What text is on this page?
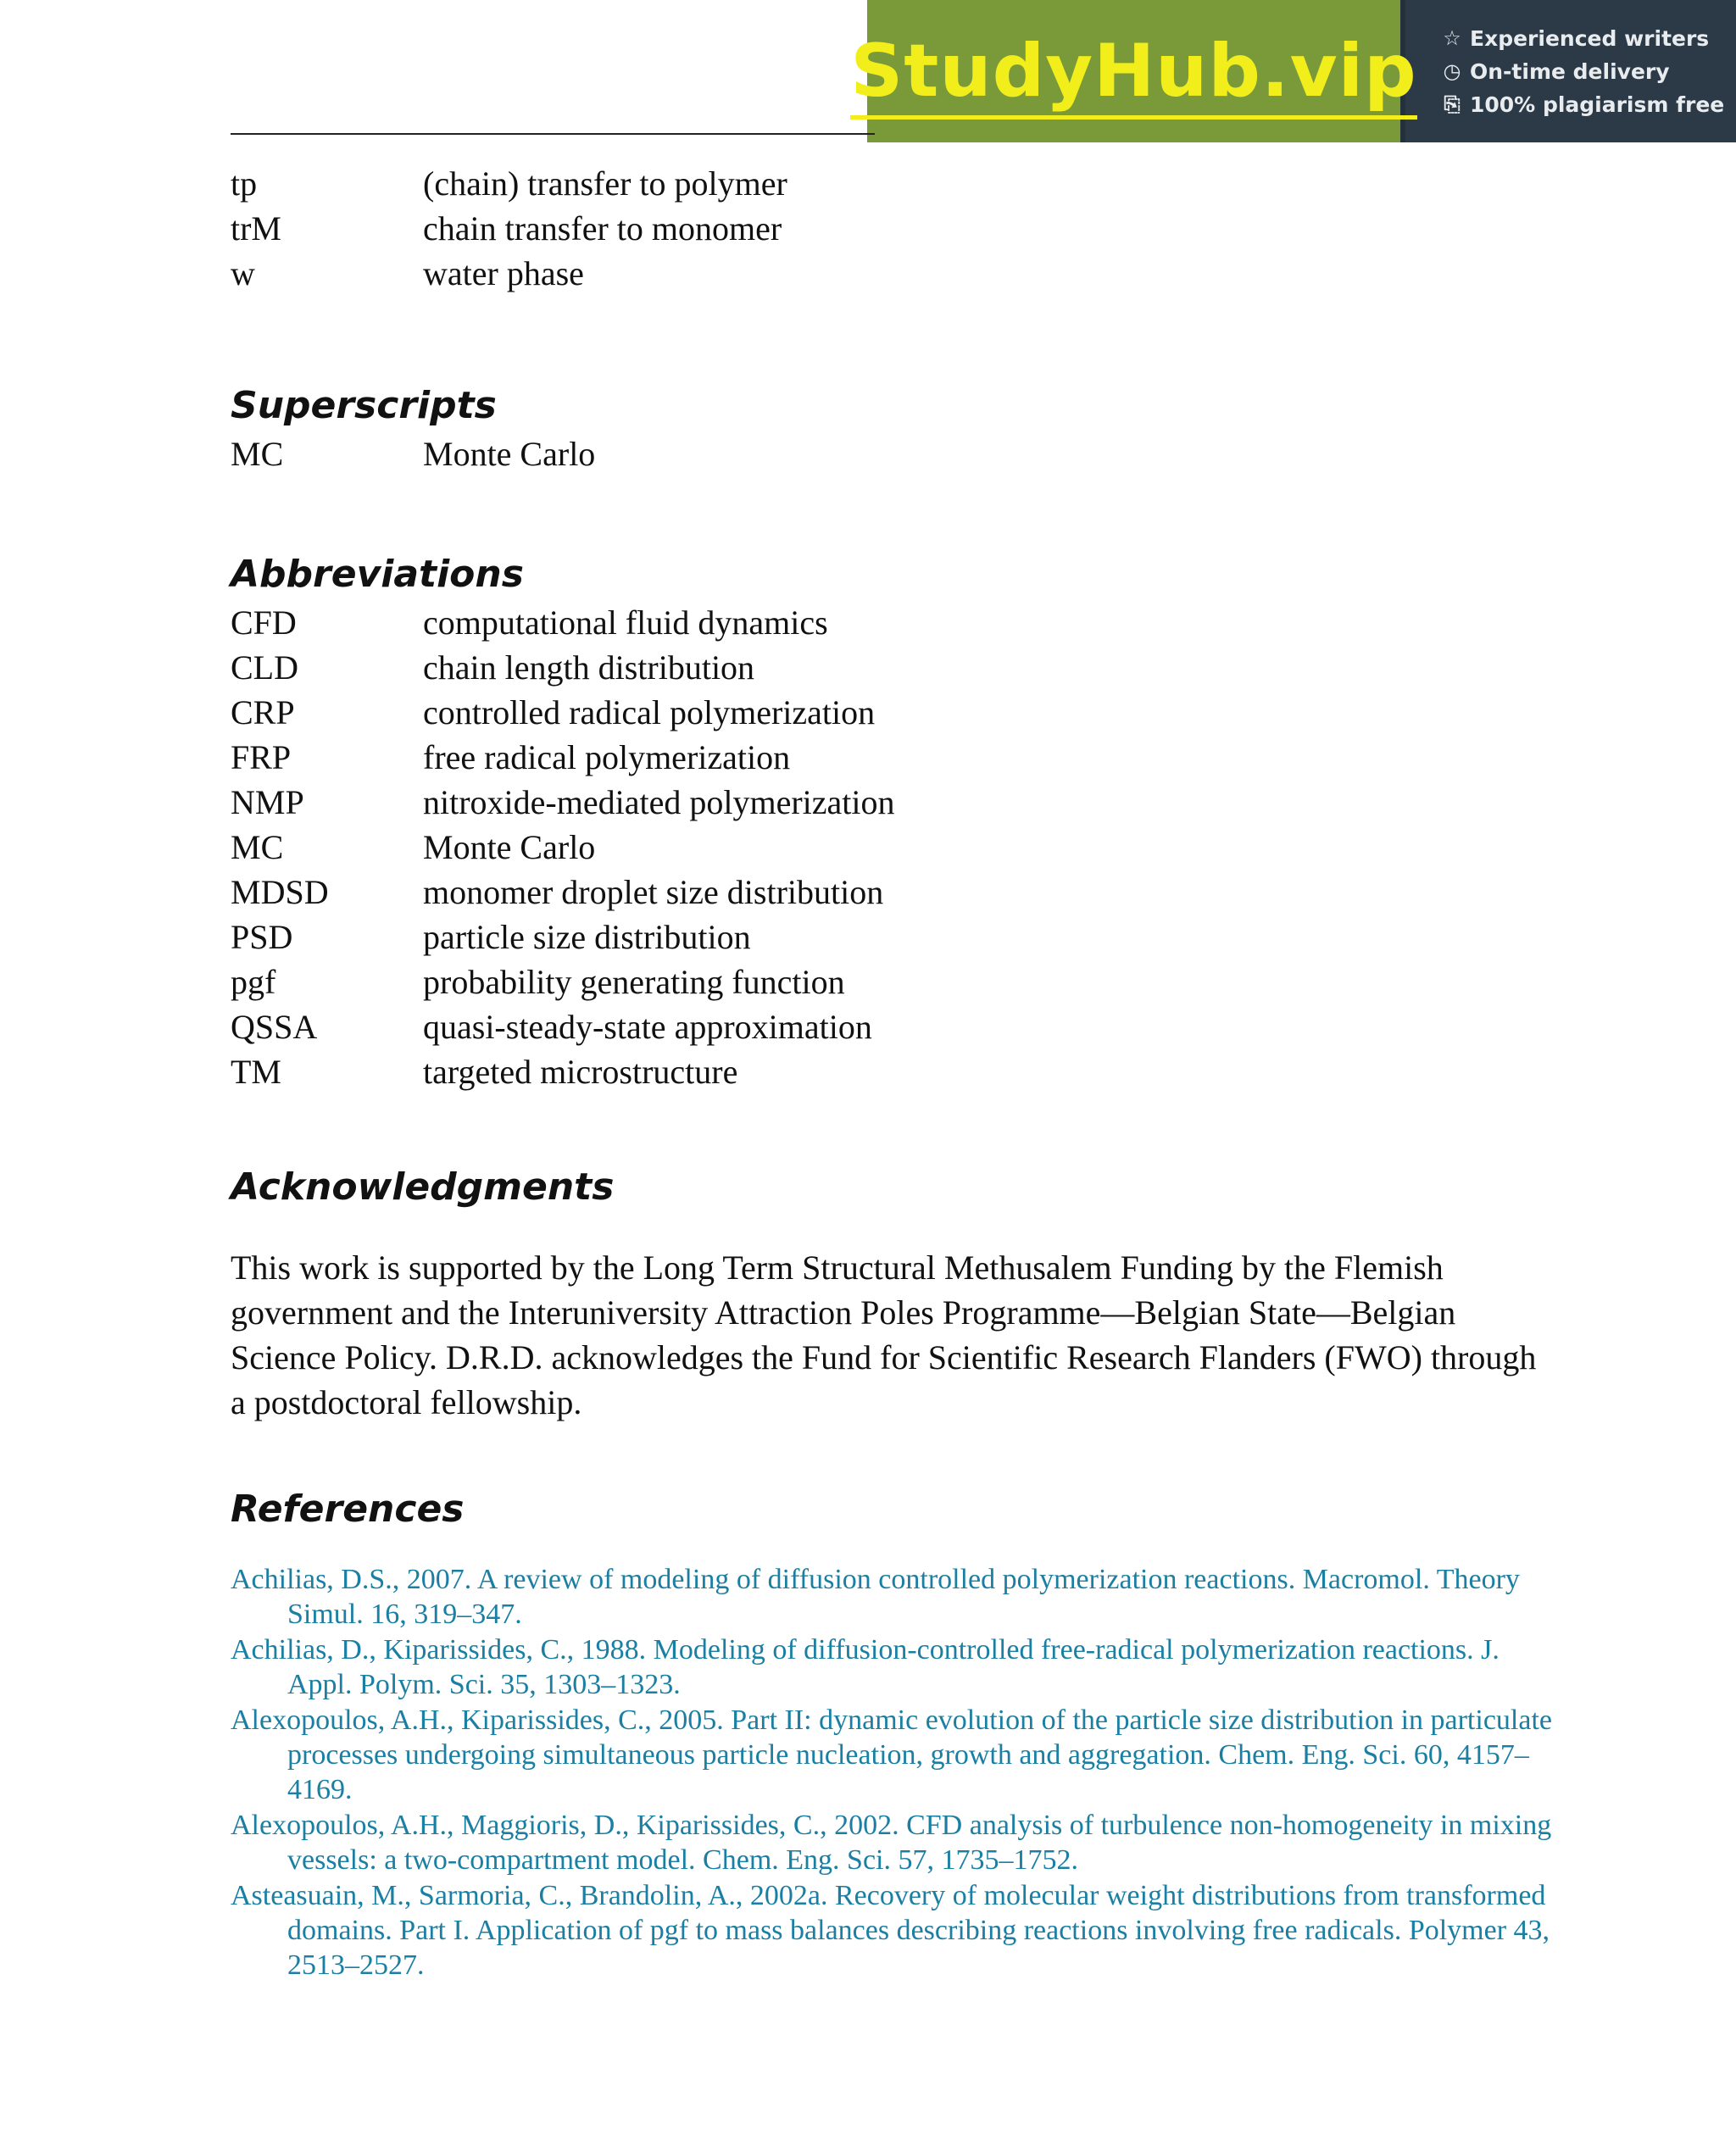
StudyHub.vip ☆ Experienced writers
◷ On-time delivery
⎘ 100% plagiarism free
tp	(chain) transfer to polymer
trM	chain transfer to monomer
w	water phase
Superscripts
MC	Monte Carlo
Abbreviations
CFD	computational fluid dynamics
CLD	chain length distribution
CRP	controlled radical polymerization
FRP	free radical polymerization
NMP	nitroxide-mediated polymerization
MC	Monte Carlo
MDSD	monomer droplet size distribution
PSD	particle size distribution
pgf	probability generating function
QSSA	quasi-steady-state approximation
TM	targeted microstructure
Acknowledgments

This work is supported by the Long Term Structural Methusalem Funding by the Flemish government and the Interuniversity Attraction Poles Programme—Belgian State—Belgian Science Policy. D.R.D. acknowledges the Fund for Scientific Research Flanders (FWO) through a postdoctoral fellowship.

References
Achilias, D.S., 2007. A review of modeling of diffusion controlled polymerization reactions. Macromol. Theory Simul. 16, 319–347.
Achilias, D., Kiparissides, C., 1988. Modeling of diffusion-controlled free-radical polymerization reactions. J. Appl. Polym. Sci. 35, 1303–1323.
Alexopoulos, A.H., Kiparissides, C., 2005. Part II: dynamic evolution of the particle size distribution in particulate processes undergoing simultaneous particle nucleation, growth and aggregation. Chem. Eng. Sci. 60, 4157–4169.
Alexopoulos, A.H., Maggioris, D., Kiparissides, C., 2002. CFD analysis of turbulence non-homogeneity in mixing vessels: a two-compartment model. Chem. Eng. Sci. 57, 1735–1752.
Asteasuain, M., Sarmoria, C., Brandolin, A., 2002a. Recovery of molecular weight distributions from transformed domains. Part I. Application of pgf to mass balances describing reactions involving free radicals. Polymer 43, 2513–2527.
